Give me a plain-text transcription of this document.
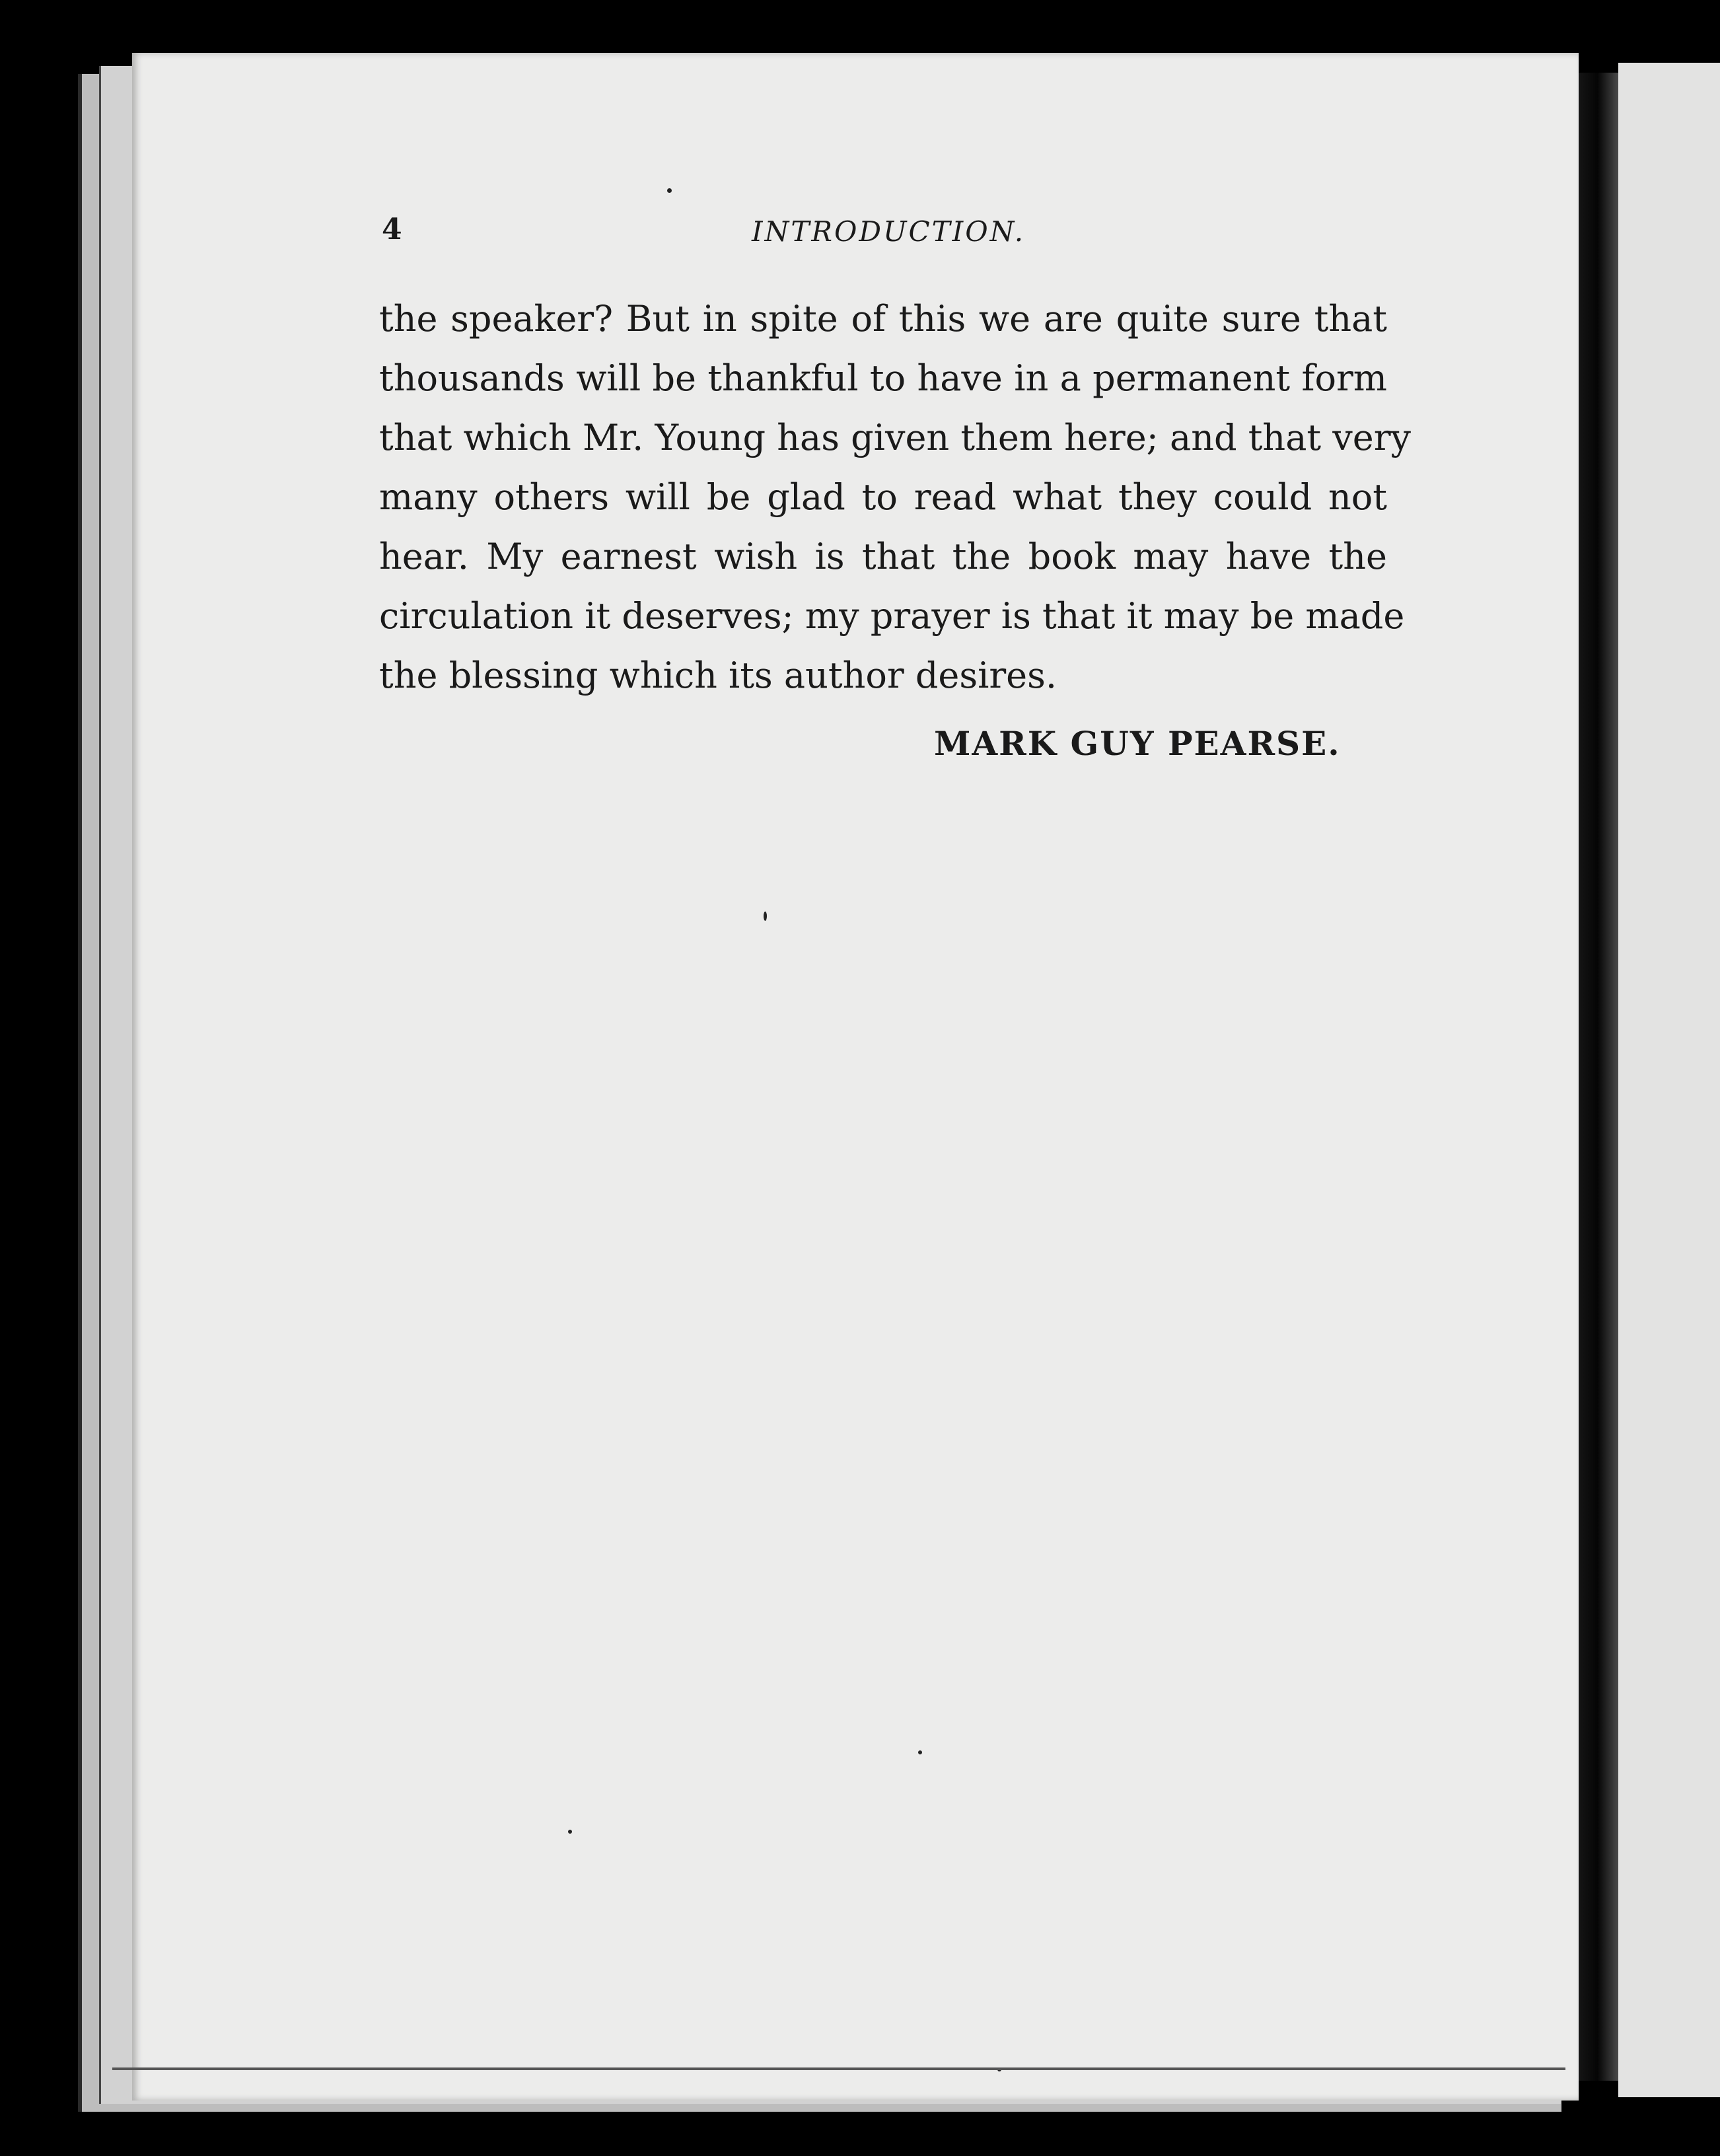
4	INTRODUCTION.

the speaker? But in spite of this we are quite sure that
thousands will be thankful to have in a permanent form
that which Mr. Young has given them here; and that very
many others will be glad to read what they could not
hear. My earnest wish is that the book may have the
circulation it deserves; my prayer is that it may be made
the blessing which its author desires.

MARK GUY PEARSE.
